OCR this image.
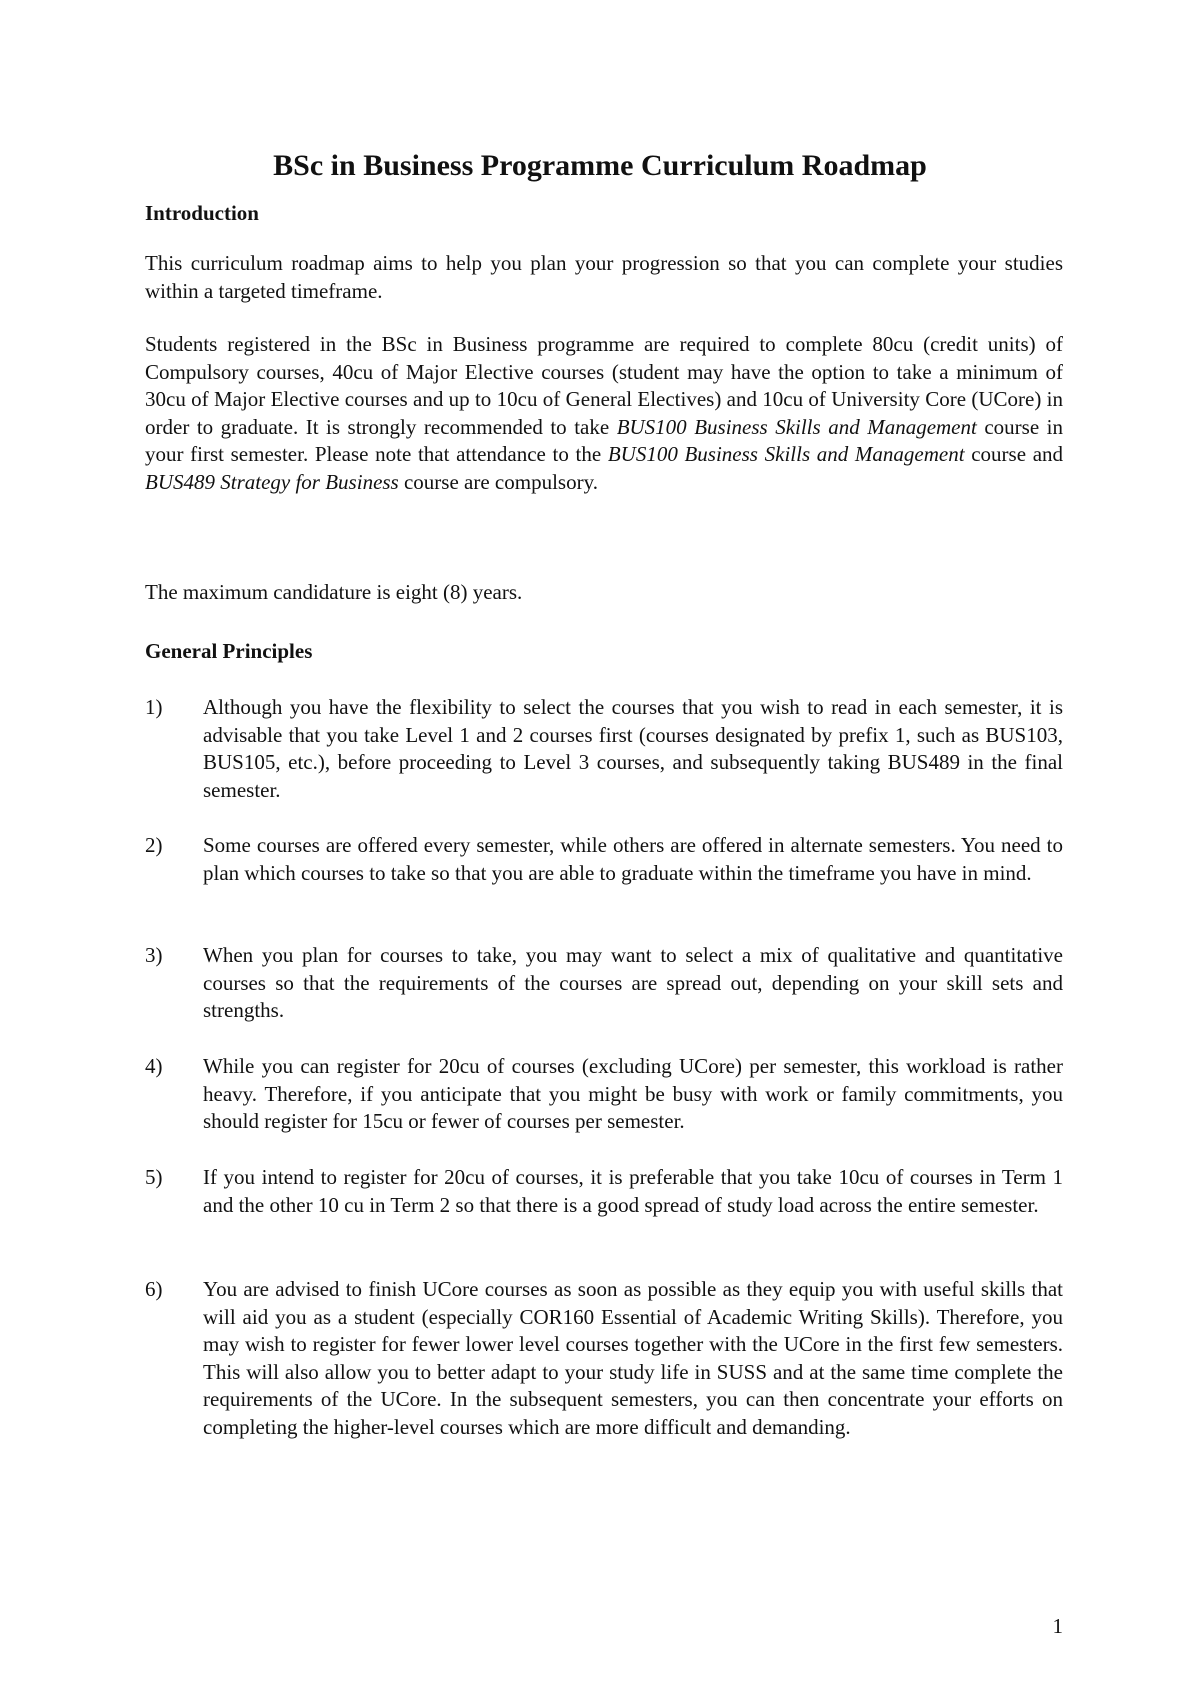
BSc in Business Programme Curriculum Roadmap
Introduction

This curriculum roadmap aims to help you plan your progression so that you can complete your studies within a targeted timeframe.

Students registered in the BSc in Business programme are required to complete 80cu (credit units) of Compulsory courses, 40cu of Major Elective courses (student may have the option to take a minimum of 30cu of Major Elective courses and up to 10cu of General Electives) and 10cu of University Core (UCore) in order to graduate. It is strongly recommended to take BUS100 Business Skills and Management course in your first semester. Please note that attendance to the BUS100 Business Skills and Management course and BUS489 Strategy for Business course are compulsory.

The maximum candidature is eight (8) years.

General Principles
1) Although you have the flexibility to select the courses that you wish to read in each semester, it is advisable that you take Level 1 and 2 courses first (courses designated by prefix 1, such as BUS103, BUS105, etc.), before proceeding to Level 3 courses, and subsequently taking BUS489 in the final semester.
2) Some courses are offered every semester, while others are offered in alternate semesters. You need to plan which courses to take so that you are able to graduate within the timeframe you have in mind.
3) When you plan for courses to take, you may want to select a mix of qualitative and quantitative courses so that the requirements of the courses are spread out, depending on your skill sets and strengths.
4) While you can register for 20cu of courses (excluding UCore) per semester, this workload is rather heavy. Therefore, if you anticipate that you might be busy with work or family commitments, you should register for 15cu or fewer of courses per semester.
5) If you intend to register for 20cu of courses, it is preferable that you take 10cu of courses in Term 1 and the other 10 cu in Term 2 so that there is a good spread of study load across the entire semester.
6) You are advised to finish UCore courses as soon as possible as they equip you with useful skills that will aid you as a student (especially COR160 Essential of Academic Writing Skills). Therefore, you may wish to register for fewer lower level courses together with the UCore in the first few semesters. This will also allow you to better adapt to your study life in SUSS and at the same time complete the requirements of the UCore. In the subsequent semesters, you can then concentrate your efforts on completing the higher-level courses which are more difficult and demanding.
1
